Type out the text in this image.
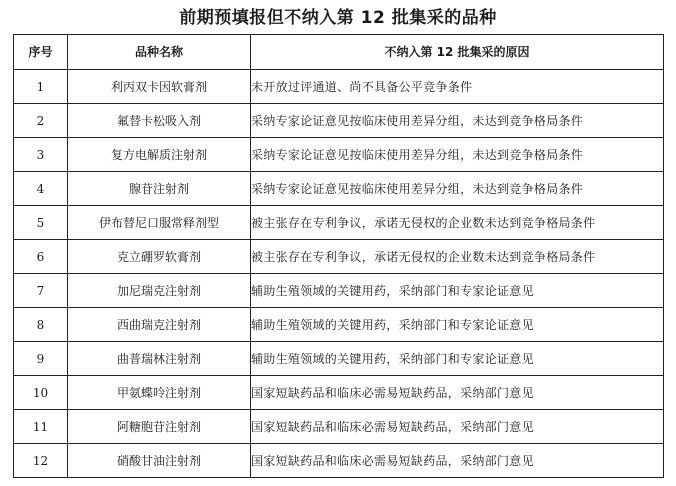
前期预填报但不纳入第 12 批集采的品种
序号	品种名称	不纳入第 12 批集采的原因
1	利丙双卡因软膏剂	未开放过评通道、尚不具备公平竞争条件
2	氟替卡松吸入剂	采纳专家论证意见按临床使用差异分组，未达到竞争格局条件
3	复方电解质注射剂	采纳专家论证意见按临床使用差异分组，未达到竞争格局条件
4	腺苷注射剂	采纳专家论证意见按临床使用差异分组，未达到竞争格局条件
5	伊布替尼口服常释剂型	被主张存在专利争议，承诺无侵权的企业数未达到竞争格局条件
6	克立硼罗软膏剂	被主张存在专利争议，承诺无侵权的企业数未达到竞争格局条件
7	加尼瑞克注射剂	辅助生殖领域的关键用药，采纳部门和专家论证意见
8	西曲瑞克注射剂	辅助生殖领域的关键用药，采纳部门和专家论证意见
9	曲普瑞林注射剂	辅助生殖领域的关键用药，采纳部门和专家论证意见
10	甲氨蝶呤注射剂	国家短缺药品和临床必需易短缺药品，采纳部门意见
11	阿糖胞苷注射剂	国家短缺药品和临床必需易短缺药品，采纳部门意见
12	硝酸甘油注射剂	国家短缺药品和临床必需易短缺药品，采纳部门意见
